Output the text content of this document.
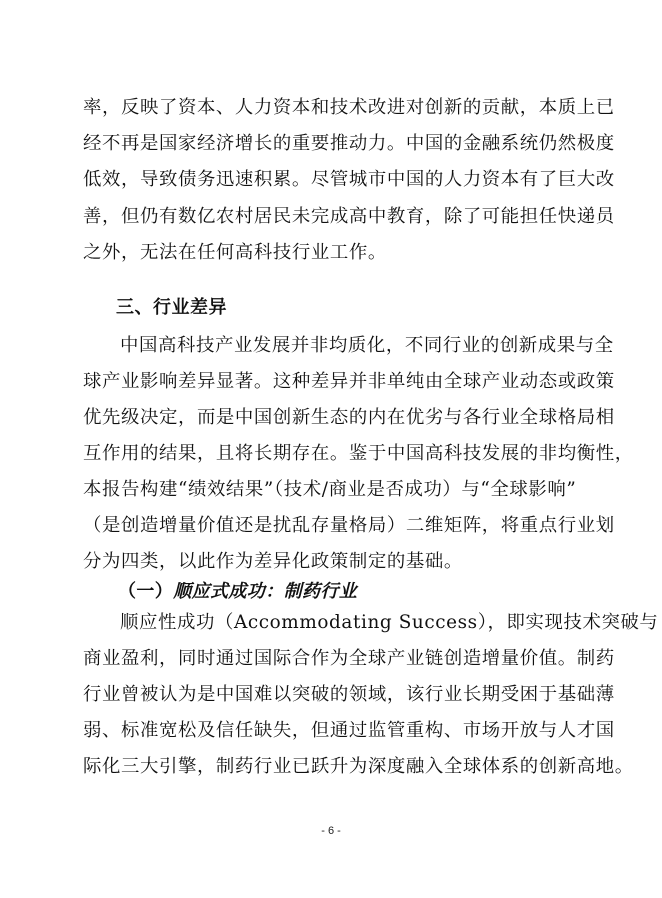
率，反映了资本、人力资本和技术改进对创新的贡献，本质上已
经不再是国家经济增长的重要推动力。中国的金融系统仍然极度
低效，导致债务迅速积累。尽管城市中国的人力资本有了巨大改
善，但仍有数亿农村居民未完成高中教育，除了可能担任快递员
之外，无法在任何高科技行业工作。
三、行业差异
中国高科技产业发展并非均质化，不同行业的创新成果与全
球产业影响差异显著。这种差异并非单纯由全球产业动态或政策
优先级决定，而是中国创新生态的内在优劣与各行业全球格局相
互作用的结果，且将长期存在。鉴于中国高科技发展的非均衡性，
本报告构建“绩效结果”（技术/商业是否成功）与“全球影响”
（是创造增量价值还是扰乱存量格局）二维矩阵，将重点行业划
分为四类，以此作为差异化政策制定的基础。
（一）顺应式成功：制药行业
顺应性成功（Accommodating Success），即实现技术突破与
商业盈利，同时通过国际合作为全球产业链创造增量价值。制药
行业曾被认为是中国难以突破的领域，该行业长期受困于基础薄
弱、标准宽松及信任缺失，但通过监管重构、市场开放与人才国
际化三大引擎，制药行业已跃升为深度融入全球体系的创新高地。
- 6 -
